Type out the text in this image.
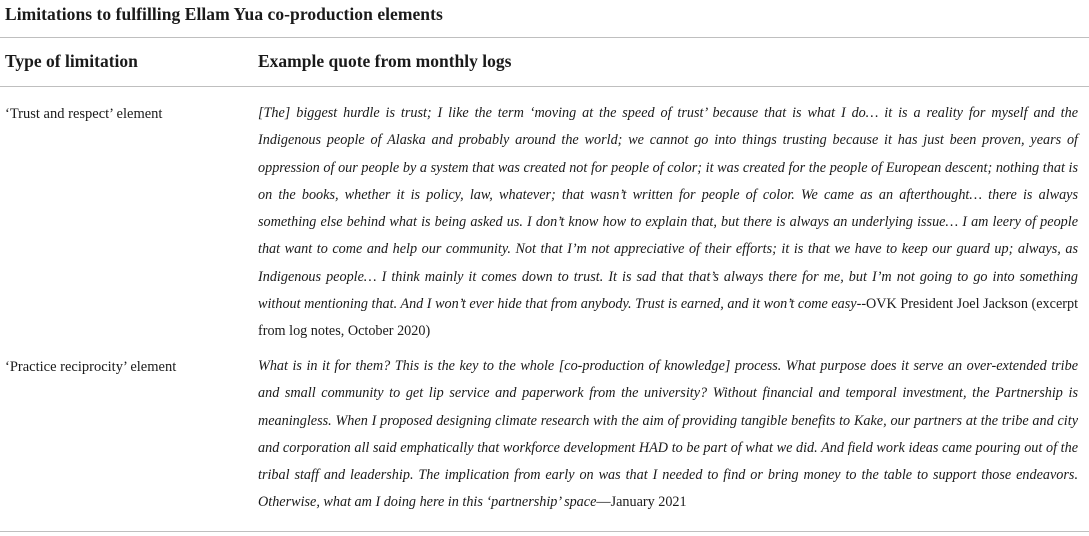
Limitations to fulfilling Ellam Yua co-production elements
Type of limitation	Example quote from monthly logs
‘Trust and respect’ element	[The] biggest hurdle is trust; I like the term ‘moving at the speed of trust’ because that is what I do… it is a reality for myself and the Indigenous people of Alaska and probably around the world; we cannot go into things trusting because it has just been proven, years of oppression of our people by a system that was created not for people of color; it was created for the people of European descent; nothing that is on the books, whether it is policy, law, whatever; that wasn’t written for people of color. We came as an afterthought… there is always something else behind what is being asked us. I don’t know how to explain that, but there is always an underlying issue… I am leery of people that want to come and help our community. Not that I’m not appreciative of their efforts; it is that we have to keep our guard up; always, as Indigenous people… I think mainly it comes down to trust. It is sad that that’s always there for me, but I’m not going to go into something without mentioning that. And I won’t ever hide that from anybody. Trust is earned, and it won’t come easy--OVK President Joel Jackson (excerpt from log notes, October 2020)

‘Practice reciprocity’ element	What is in it for them? This is the key to the whole [co-production of knowledge] process. What purpose does it serve an over-extended tribe and small community to get lip service and paperwork from the university? Without financial and temporal investment, the Partnership is meaningless. When I proposed designing climate research with the aim of providing tangible benefits to Kake, our partners at the tribe and city and corporation all said emphatically that workforce development HAD to be part of what we did. And field work ideas came pouring out of the tribal staff and leadership. The implication from early on was that I needed to find or bring money to the table to support those endeavors. Otherwise, what am I doing here in this ‘partnership’ space—January 2021
